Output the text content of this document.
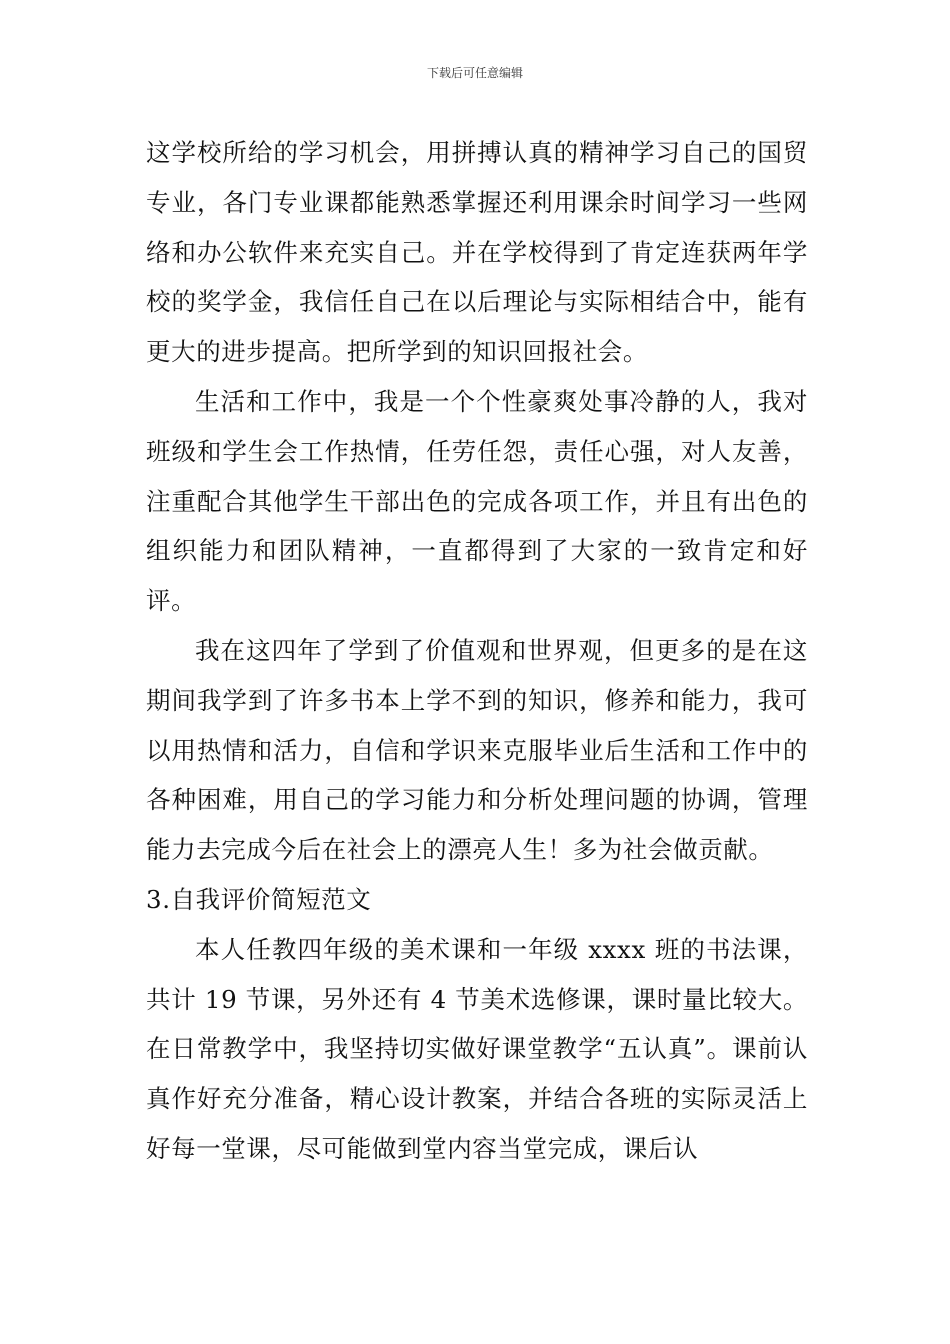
下载后可任意编辑

这学校所给的学习机会，用拼搏认真的精神学习自己的国贸专业，各门专业课都能熟悉掌握还利用课余时间学习一些网络和办公软件来充实自己。并在学校得到了肯定连获两年学校的奖学金，我信任自己在以后理论与实际相结合中，能有更大的进步提高。把所学到的知识回报社会。

生活和工作中，我是一个个性豪爽处事冷静的人，我对班级和学生会工作热情，任劳任怨，责任心强，对人友善，注重配合其他学生干部出色的完成各项工作，并且有出色的组织能力和团队精神，一直都得到了大家的一致肯定和好评。

我在这四年了学到了价值观和世界观，但更多的是在这期间我学到了许多书本上学不到的知识，修养和能力，我可以用热情和活力，自信和学识来克服毕业后生活和工作中的各种困难，用自己的学习能力和分析处理问题的协调，管理能力去完成今后在社会上的漂亮人生！多为社会做贡献。

3.自我评价简短范文

本人任教四年级的美术课和一年级 xxxx 班的书法课，共计 19 节课，另外还有 4 节美术选修课，课时量比较大。在日常教学中，我坚持切实做好课堂教学“五认真”。课前认真作好充分准备，精心设计教案，并结合各班的实际灵活上好每一堂课，尽可能做到堂内容当堂完成，课后认
